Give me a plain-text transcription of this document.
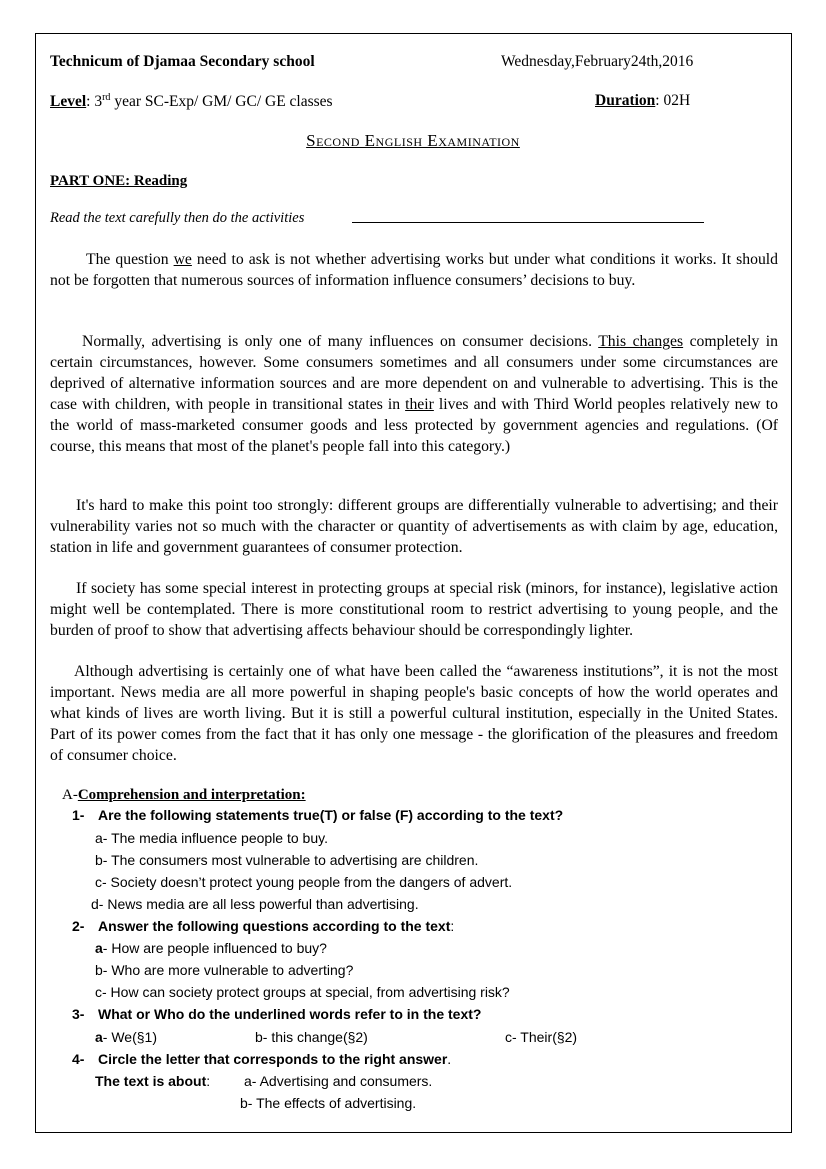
Technicum of Djamaa Secondary school	Wednesday,February24th,2016
Level: 3rd year SC-Exp/ GM/ GC/ GE classes	Duration: 02H
Second English Examination
PART ONE: Reading
Read the text carefully then do the activities

The question we need to ask is not whether advertising works but under what conditions it works. It should not be forgotten that numerous sources of information influence consumers’ decisions to buy.

Normally, advertising is only one of many influences on consumer decisions. This changes completely in certain circumstances, however. Some consumers sometimes and all consumers under some circumstances are deprived of alternative information sources and are more dependent on and vulnerable to advertising. This is the case with children, with people in transitional states in their lives and with Third World peoples relatively new to the world of mass-marketed consumer goods and less protected by government agencies and regulations. (Of course, this means that most of the planet's people fall into this category.)

It's hard to make this point too strongly: different groups are differentially vulnerable to advertising; and their vulnerability varies not so much with the character or quantity of advertisements as with claim by age, education, station in life and government guarantees of consumer protection.

If society has some special interest in protecting groups at special risk (minors, for instance), legislative action might well be contemplated. There is more constitutional room to restrict advertising to young people, and the burden of proof to show that advertising affects behaviour should be correspondingly lighter.

Although advertising is certainly one of what have been called the “awareness institutions”, it is not the most important. News media are all more powerful in shaping people's basic concepts of how the world operates and what kinds of lives are worth living. But it is still a powerful cultural institution, especially in the United States. Part of its power comes from the fact that it has only one message - the glorification of the pleasures and freedom of consumer choice.

A-Comprehension and interpretation:
1- Are the following statements true(T) or false (F) according to the text?
a- The media influence people to buy.
b- The consumers most vulnerable to advertising are children.
c- Society doesn’t protect young people from the dangers of advert.
d- News media are all less powerful than advertising.
2- Answer the following questions according to the text:
a- How are people influenced to buy?
b- Who are more vulnerable to adverting?
c- How can society protect groups at special, from advertising risk?
3- What or Who do the underlined words refer to in the text?
a- We(§1)	b- this change(§2)	c- Their(§2)
4- Circle the letter that corresponds to the right answer.
The text is about: a- Advertising and consumers.
b- The effects of advertising.
